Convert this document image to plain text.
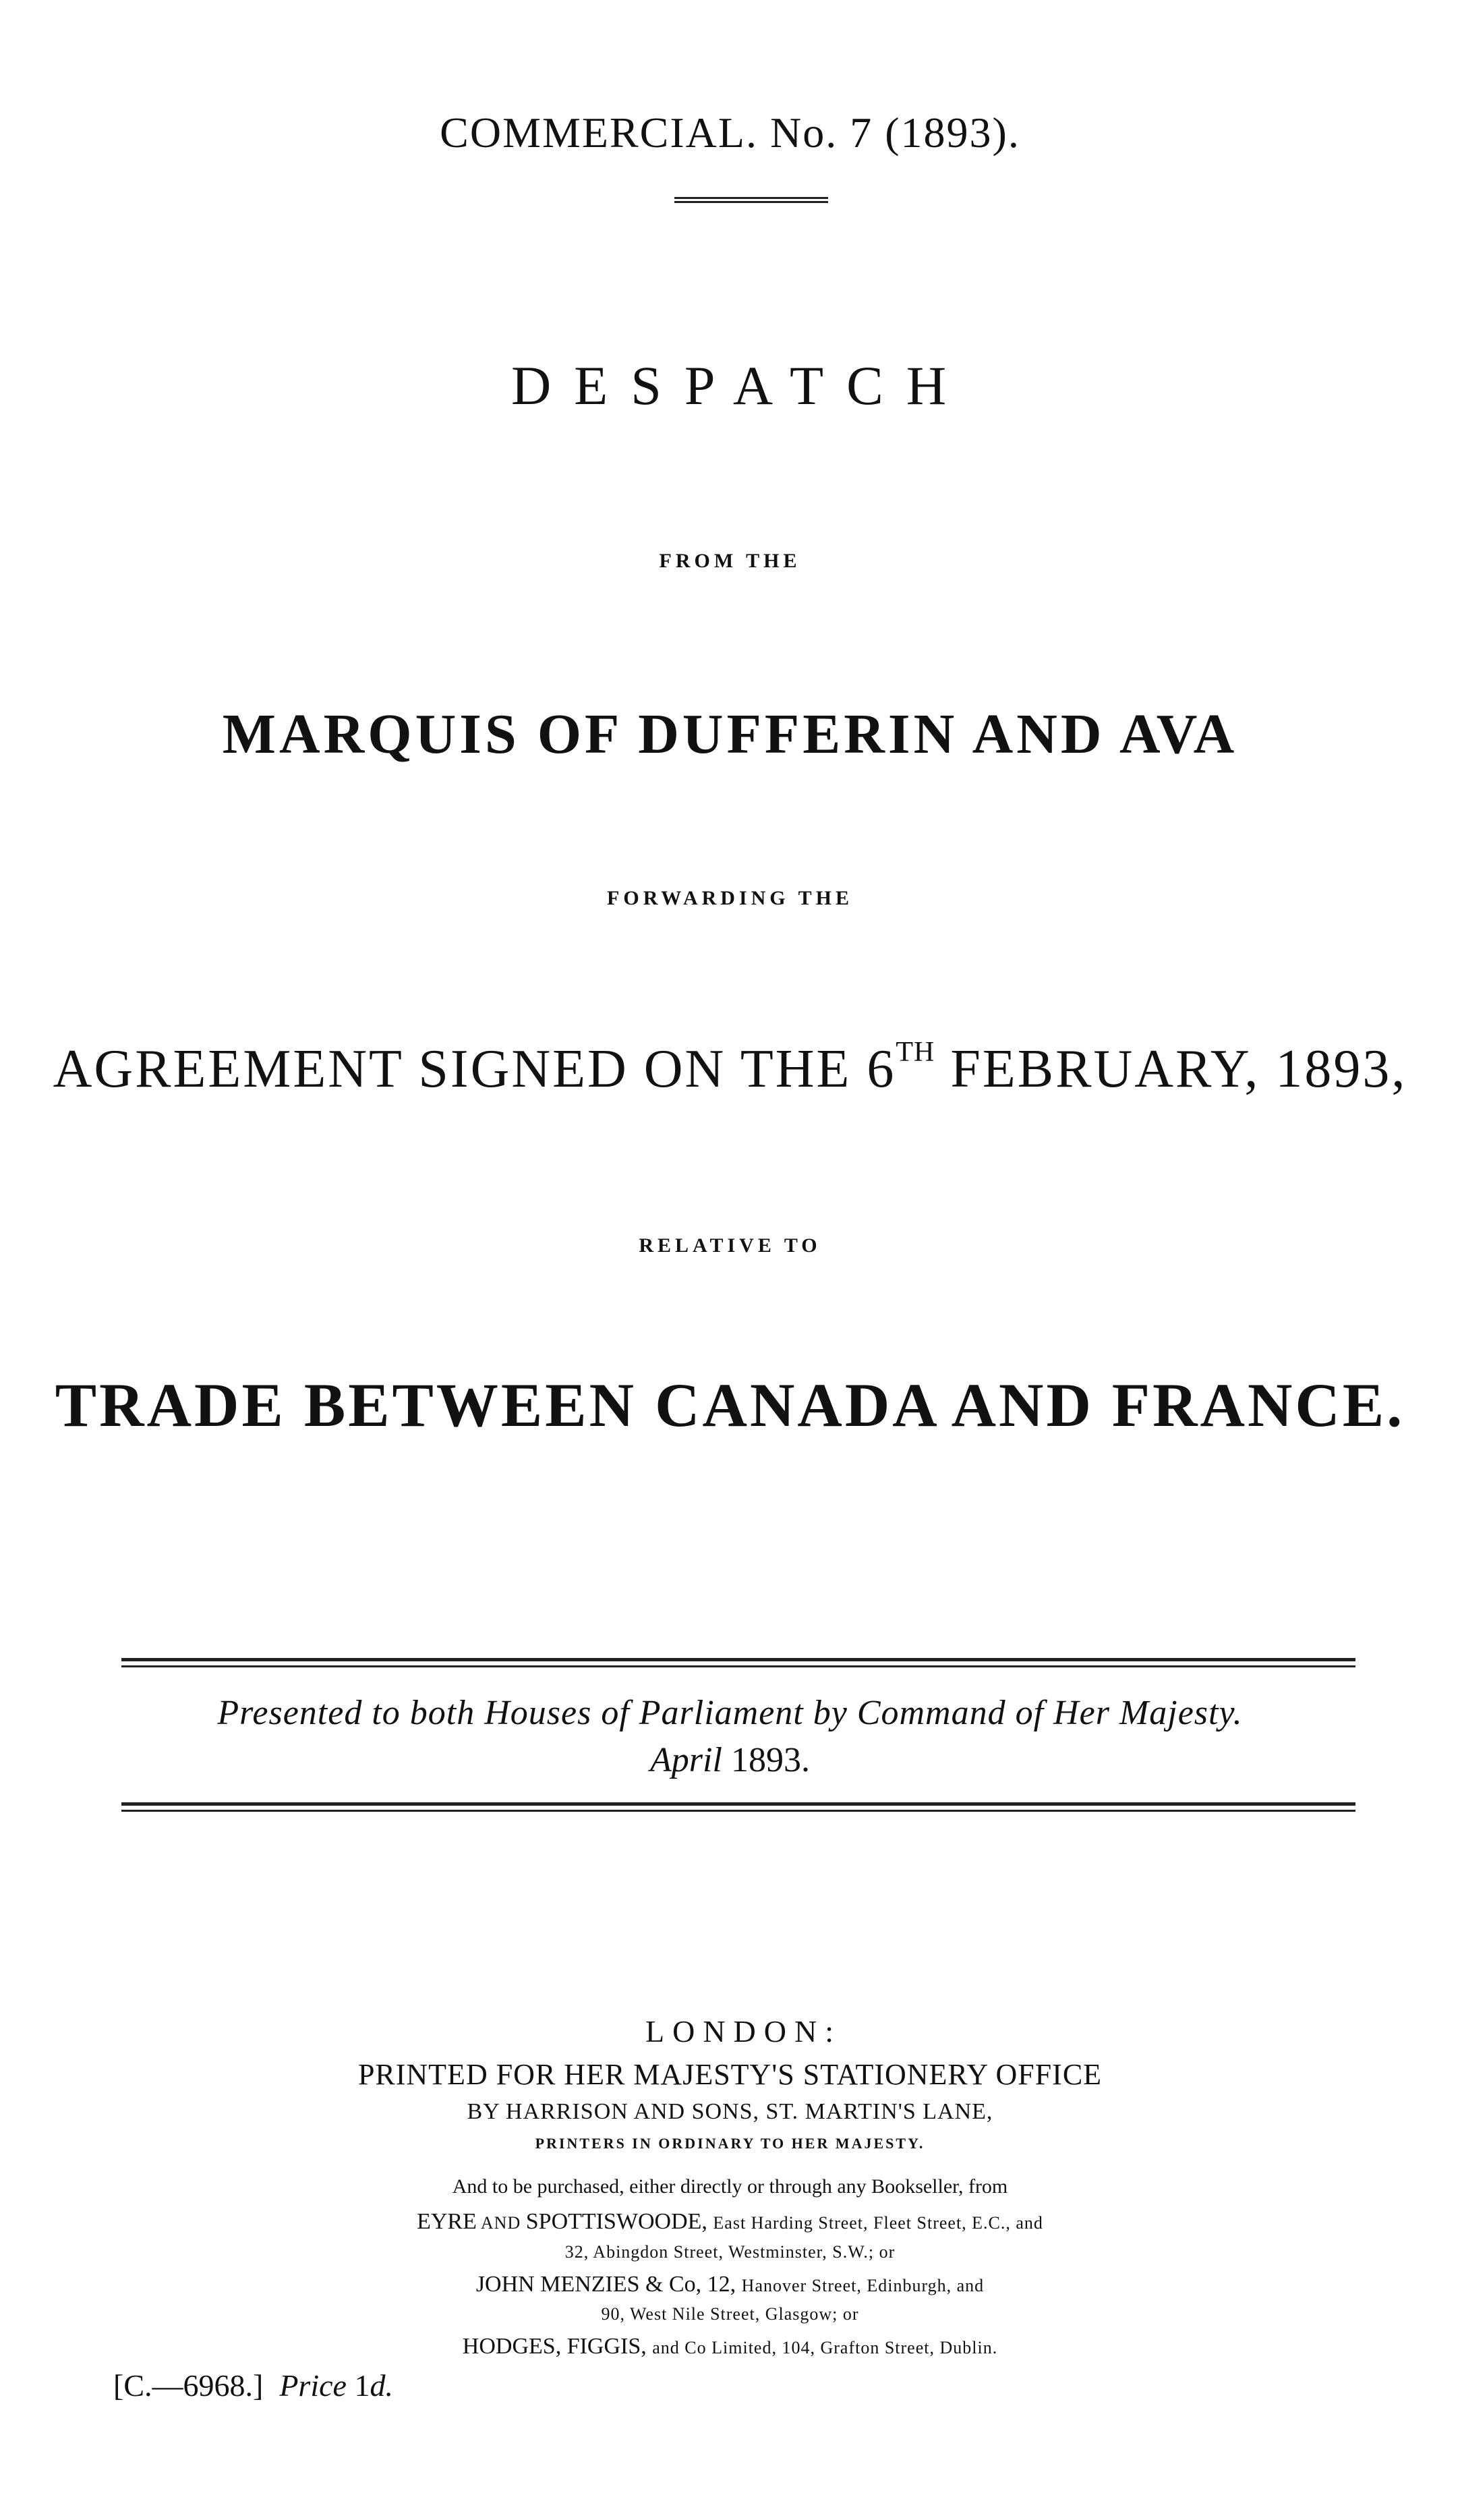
COMMERCIAL. No. 7 (1893).
DESPATCH
FROM THE
MARQUIS OF DUFFERIN AND AVA
FORWARDING THE
AGREEMENT SIGNED ON THE 6TH FEBRUARY, 1893,
RELATIVE TO
TRADE BETWEEN CANADA AND FRANCE.
Presented to both Houses of Parliament by Command of Her Majesty.
April 1893.
LONDON:
PRINTED FOR HER MAJESTY'S STATIONERY OFFICE
BY HARRISON AND SONS, ST. MARTIN'S LANE,
PRINTERS IN ORDINARY TO HER MAJESTY.
And to be purchased, either directly or through any Bookseller, from
EYRE AND SPOTTISWOODE, East Harding Street, Fleet Street, E.C., and
32, Abingdon Street, Westminster, S.W.; or
JOHN MENZIES & Co, 12, Hanover Street, Edinburgh, and
90, West Nile Street, Glasgow; or
HODGES, FIGGIS, and Co Limited, 104, Grafton Street, Dublin.
[C.—6968.] Price 1d.
